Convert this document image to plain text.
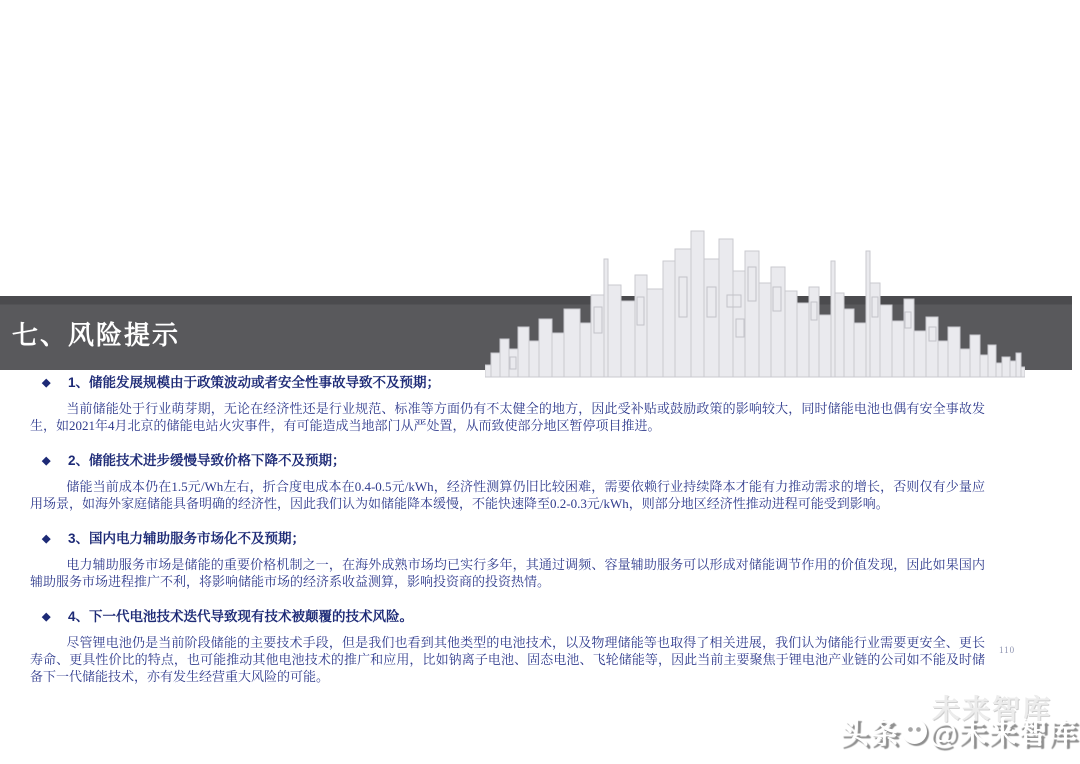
七、风险提示
◆ 1、储能发展规模由于政策波动或者安全性事故导致不及预期；

当前储能处于行业萌芽期，无论在经济性还是行业规范、标准等方面仍有不太健全的地方，因此受补贴或鼓励政策的影响较大，同时储能电池也偶有安全事故发生，如2021年4月北京的储能电站火灾事件，有可能造成当地部门从严处置，从而致使部分地区暂停项目推进。

◆ 2、储能技术进步缓慢导致价格下降不及预期；

储能当前成本仍在1.5元/Wh左右，折合度电成本在0.4-0.5元/kWh，经济性测算仍旧比较困难，需要依赖行业持续降本才能有力推动需求的增长，否则仅有少量应用场景，如海外家庭储能具备明确的经济性，因此我们认为如储能降本缓慢，不能快速降至0.2-0.3元/kWh，则部分地区经济性推动进程可能受到影响。

◆ 3、国内电力辅助服务市场化不及预期；

电力辅助服务市场是储能的重要价格机制之一，在海外成熟市场均已实行多年，其通过调频、容量辅助服务可以形成对储能调节作用的价值发现，因此如果国内辅助服务市场进程推广不利，将影响储能市场的经济系收益测算，影响投资商的投资热情。

◆ 4、下一代电池技术迭代导致现有技术被颠覆的技术风险。

尽管锂电池仍是当前阶段储能的主要技术手段，但是我们也看到其他类型的电池技术，以及物理储能等也取得了相关进展，我们认为储能行业需要更安全、更长寿命、更具性价比的特点，也可能推动其他电池技术的推广和应用，比如钠离子电池、固态电池、飞轮储能等，因此当前主要聚焦于锂电池产业链的公司如不能及时储备下一代储能技术，亦有发生经营重大风险的可能。

110
未来智库
头条 @未来智库
